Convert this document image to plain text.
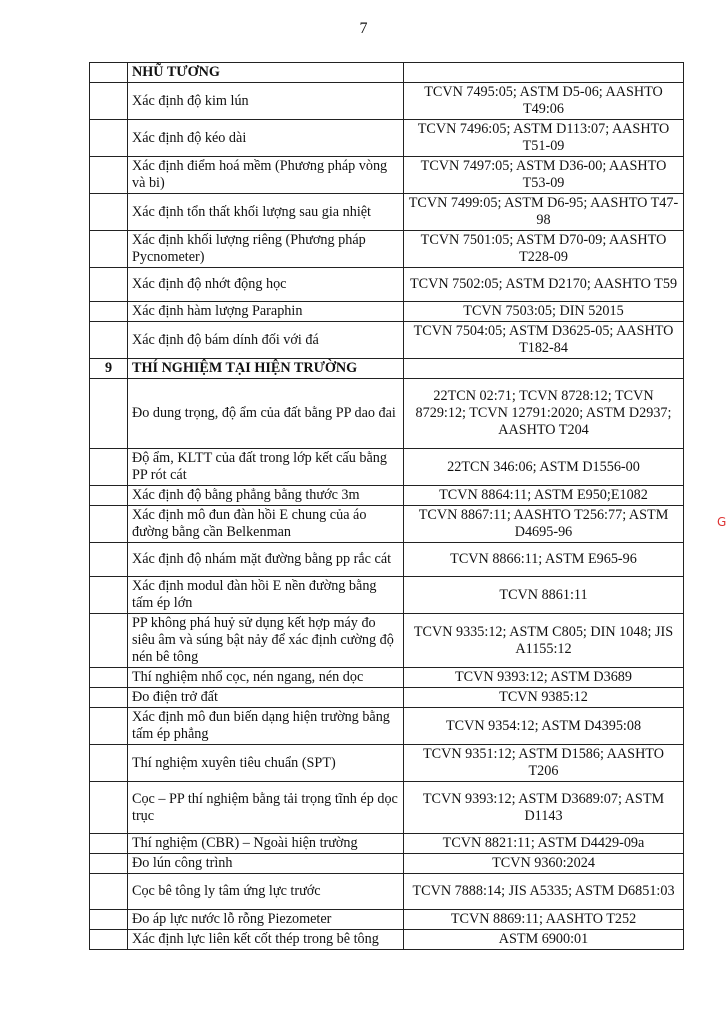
7
	NHŨ TƯƠNG	
	Xác định độ kim lún	TCVN 7495:05; ASTM D5-06; AASHTO T49:06
	Xác định độ kéo dài	TCVN 7496:05; ASTM D113:07; AASHTO T51-09
	Xác định điểm hoá mềm (Phương pháp vòng và bi)	TCVN 7497:05; ASTM D36-00; AASHTO T53-09
	Xác định tổn thất khối lượng sau gia nhiệt	TCVN 7499:05; ASTM D6-95; AASHTO T47-98
	Xác định khối lượng riêng (Phương pháp Pycnometer)	TCVN 7501:05; ASTM D70-09; AASHTO T228-09
	Xác định độ nhớt động học	TCVN 7502:05; ASTM D2170; AASHTO T59
	Xác định hàm lượng Paraphin	TCVN 7503:05; DIN 52015
	Xác định độ bám dính đối với đá	TCVN 7504:05; ASTM D3625-05; AASHTO T182-84
9	THÍ NGHIỆM TẠI HIỆN TRƯỜNG	
	Đo dung trọng, độ ẩm của đất bằng PP dao đai	22TCN 02:71; TCVN 8728:12; TCVN 8729:12; TCVN 12791:2020; ASTM D2937; AASHTO T204
	Độ ẩm, KLTT của đất trong lớp kết cấu bằng PP rót cát	22TCN 346:06; ASTM D1556-00
	Xác định độ bằng phẳng bằng thước 3m	TCVN 8864:11; ASTM E950;E1082
	Xác định mô đun đàn hồi E chung của áo đường bằng cần Belkenman	TCVN 8867:11; AASHTO T256:77; ASTM D4695-96
	Xác định độ nhám mặt đường bằng pp rắc cát	TCVN 8866:11; ASTM E965-96
	Xác định modul đàn hồi E nền đường bằng tấm ép lớn	TCVN 8861:11
	PP không phá huỷ sử dụng kết hợp máy đo siêu âm và súng bật nảy để xác định cường độ nén bê tông	TCVN 9335:12; ASTM C805; DIN 1048; JIS A1155:12
	Thí nghiệm nhổ cọc, nén ngang, nén dọc	TCVN 9393:12; ASTM D3689
	Đo điện trở đất	TCVN 9385:12
	Xác định mô đun biến dạng hiện trường bằng tấm ép phẳng	TCVN 9354:12; ASTM D4395:08
	Thí nghiệm xuyên tiêu chuẩn (SPT)	TCVN 9351:12; ASTM D1586; AASHTO T206
	Cọc – PP thí nghiệm bằng tải trọng tĩnh ép dọc trục	TCVN 9393:12; ASTM D3689:07; ASTM D1143
	Thí nghiệm (CBR) – Ngoài hiện trường	TCVN 8821:11; ASTM D4429-09a
	Đo lún công trình	TCVN 9360:2024
	Cọc bê tông ly tâm ứng lực trước	TCVN 7888:14; JIS A5335; ASTM D6851:03
	Đo áp lực nước lỗ rỗng Piezometer	TCVN 8869:11; AASHTO T252
	Xác định lực liên kết cốt thép trong bê tông	ASTM 6900:01
G
